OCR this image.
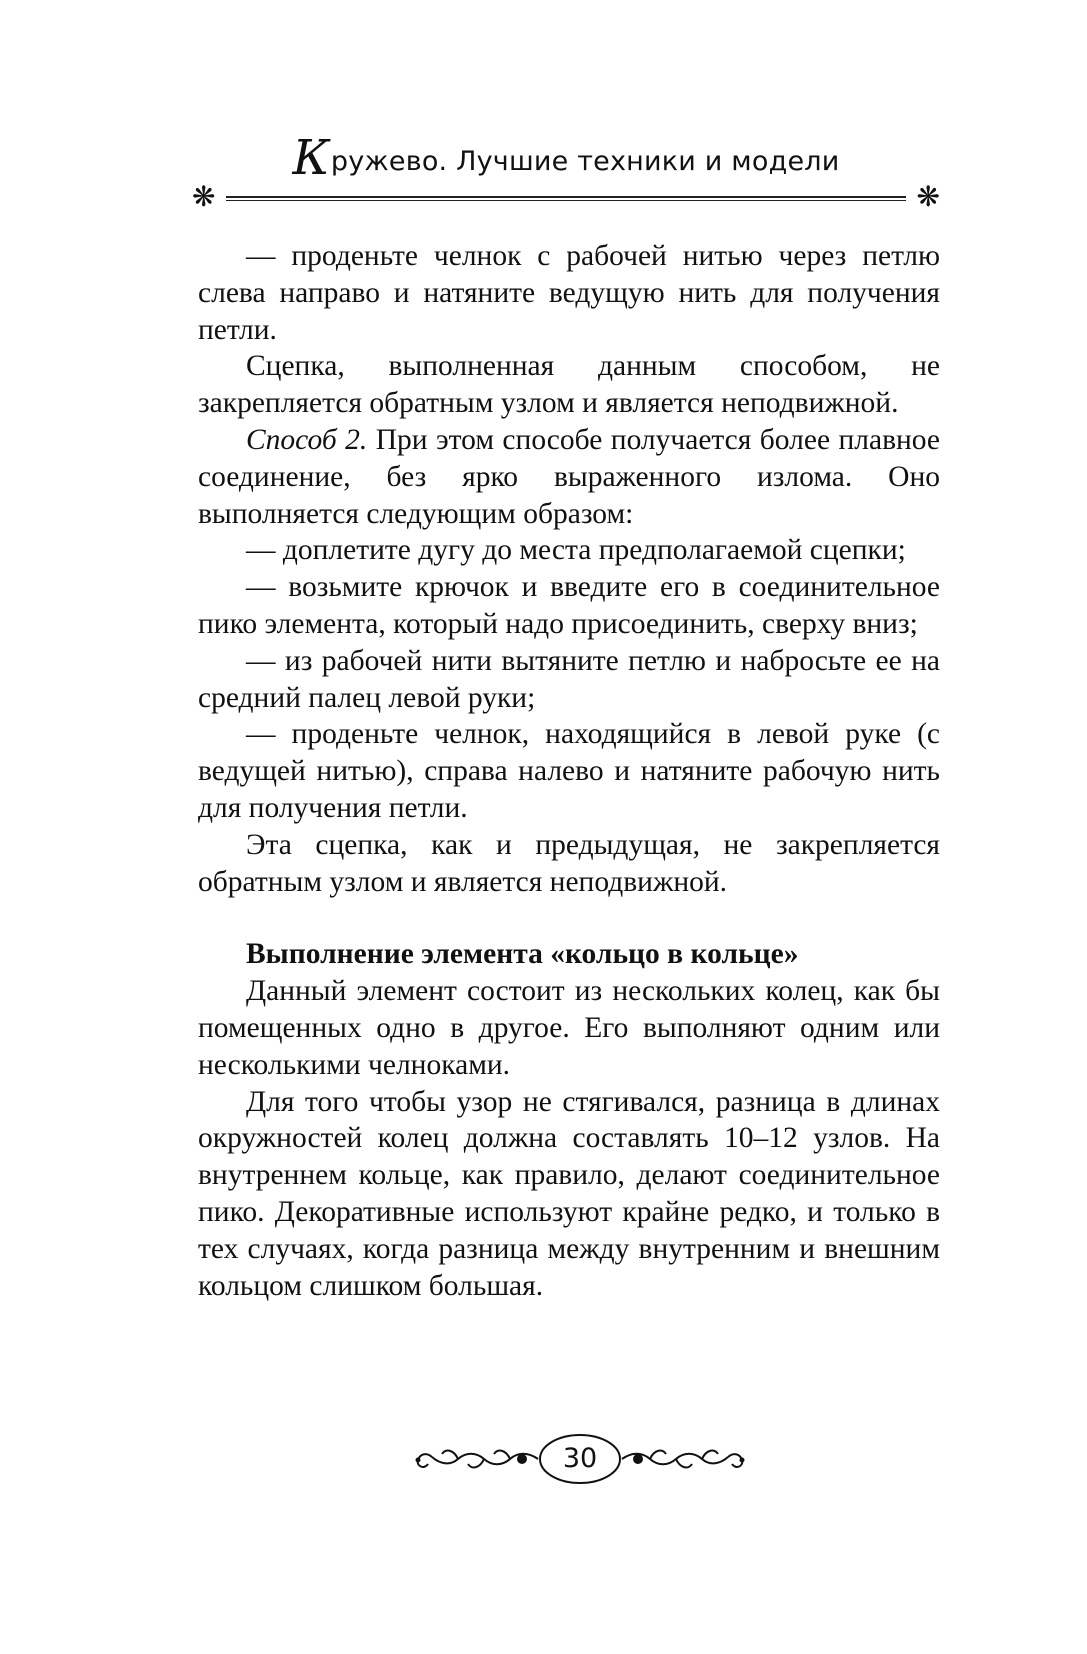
Кружево. Лучшие техники и модели
❋	❋

— проденьте челнок с рабочей нитью через петлю слева направо и натяните ведущую нить для получения петли.

Сцепка, выполненная данным способом, не закрепляется обратным узлом и является неподвижной.

Способ 2. При этом способе получается более плавное соединение, без ярко выраженного излома. Оно выполняется следующим образом:

— доплетите дугу до места предполагаемой сцепки;

— возьмите крючок и введите его в соединительное пико элемента, который надо присоединить, сверху вниз;

— из рабочей нити вытяните петлю и набросьте ее на средний палец левой руки;

— проденьте челнок, находящийся в левой руке (с ведущей нитью), справа налево и натяните рабочую нить для получения петли.

Эта сцепка, как и предыдущая, не закрепляется обратным узлом и является неподвижной.

Выполнение элемента «кольцо в кольце»

Данный элемент состоит из нескольких колец, как бы помещенных одно в другое. Его выполняют одним или несколькими челноками.

Для того чтобы узор не стягивался, разница в длинах окружностей колец должна составлять 10–12 узлов. На внутреннем кольце, как правило, делают соединительное пико. Декоративные используют крайне редко, и только в тех случаях, когда разница между внутренним и внешним кольцом слишком большая.

30
